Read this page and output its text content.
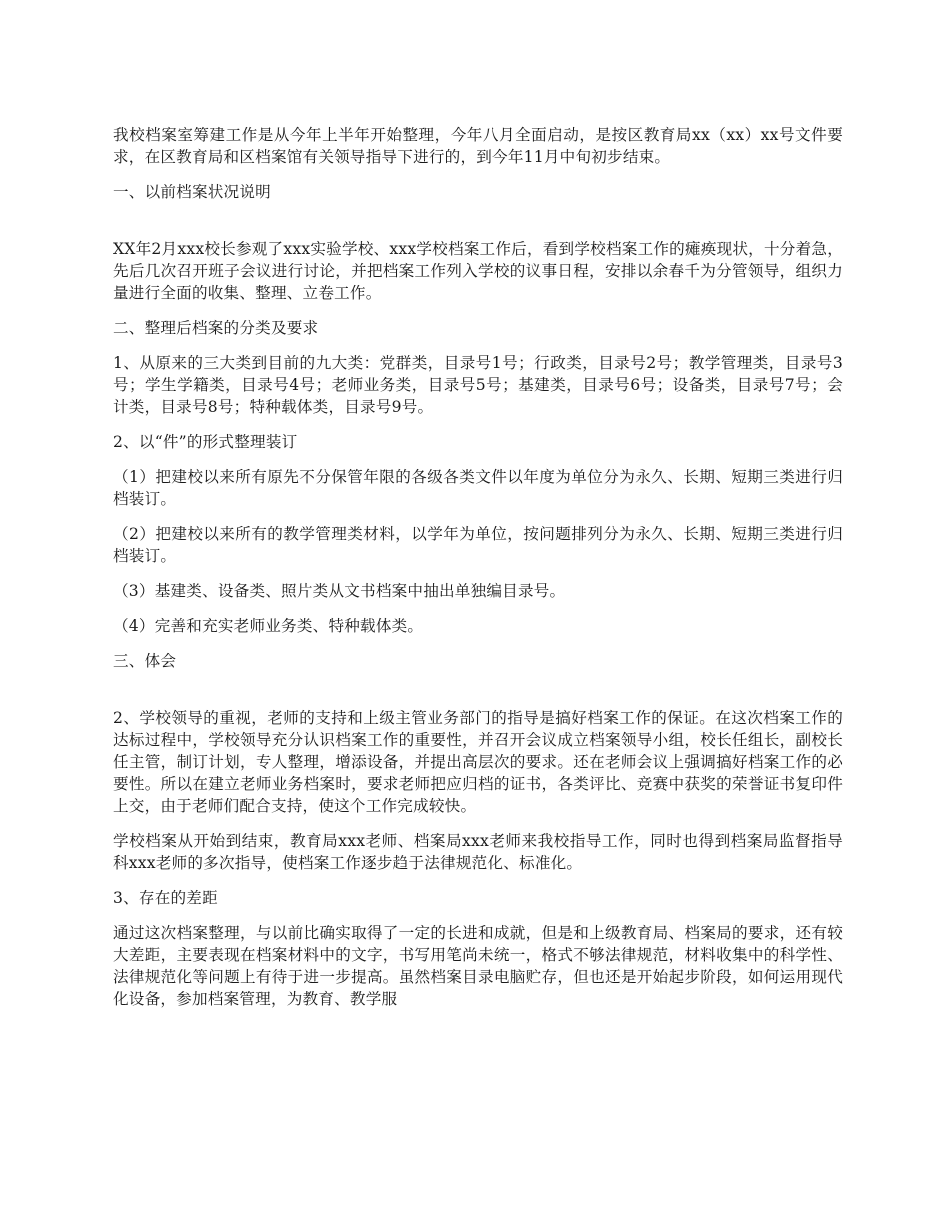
我校档案室筹建工作是从今年上半年开始整理，今年八月全面启动，是按区教育局xx（xx）xx号文件要求，在区教育局和区档案馆有关领导指导下进行的，到今年11月中旬初步结束。

一、以前档案状况说明

XX年2月xxx校长参观了xxx实验学校、xxx学校档案工作后，看到学校档案工作的瘫痪现状，十分着急，先后几次召开班子会议进行讨论，并把档案工作列入学校的议事日程，安排以余春千为分管领导，组织力量进行全面的收集、整理、立卷工作。

二、整理后档案的分类及要求

1、从原来的三大类到目前的九大类：党群类，目录号1号；行政类，目录号2号；教学管理类，目录号3号；学生学籍类，目录号4号；老师业务类，目录号5号；基建类，目录号6号；设备类，目录号7号；会计类，目录号8号；特种载体类，目录号9号。

2、以“件”的形式整理装订

（1）把建校以来所有原先不分保管年限的各级各类文件以年度为单位分为永久、长期、短期三类进行归档装订。

（2）把建校以来所有的教学管理类材料，以学年为单位，按问题排列分为永久、长期、短期三类进行归档装订。

（3）基建类、设备类、照片类从文书档案中抽出单独编目录号。

（4）完善和充实老师业务类、特种载体类。

三、体会

2、学校领导的重视，老师的支持和上级主管业务部门的指导是搞好档案工作的保证。在这次档案工作的达标过程中，学校领导充分认识档案工作的重要性，并召开会议成立档案领导小组，校长任组长，副校长任主管，制订计划，专人整理，增添设备，并提出高层次的要求。还在老师会议上强调搞好档案工作的必要性。所以在建立老师业务档案时，要求老师把应归档的证书，各类评比、竞赛中获奖的荣誉证书复印件上交，由于老师们配合支持，使这个工作完成较快。

学校档案从开始到结束，教育局xxx老师、档案局xxx老师来我校指导工作，同时也得到档案局监督指导科xxx老师的多次指导，使档案工作逐步趋于法律规范化、标准化。

3、存在的差距

通过这次档案整理，与以前比确实取得了一定的长进和成就，但是和上级教育局、档案局的要求，还有较大差距，主要表现在档案材料中的文字，书写用笔尚未统一，格式不够法律规范，材料收集中的科学性、法律规范化等问题上有待于进一步提高。虽然档案目录电脑贮存，但也还是开始起步阶段，如何运用现代化设备，参加档案管理，为教育、教学服
